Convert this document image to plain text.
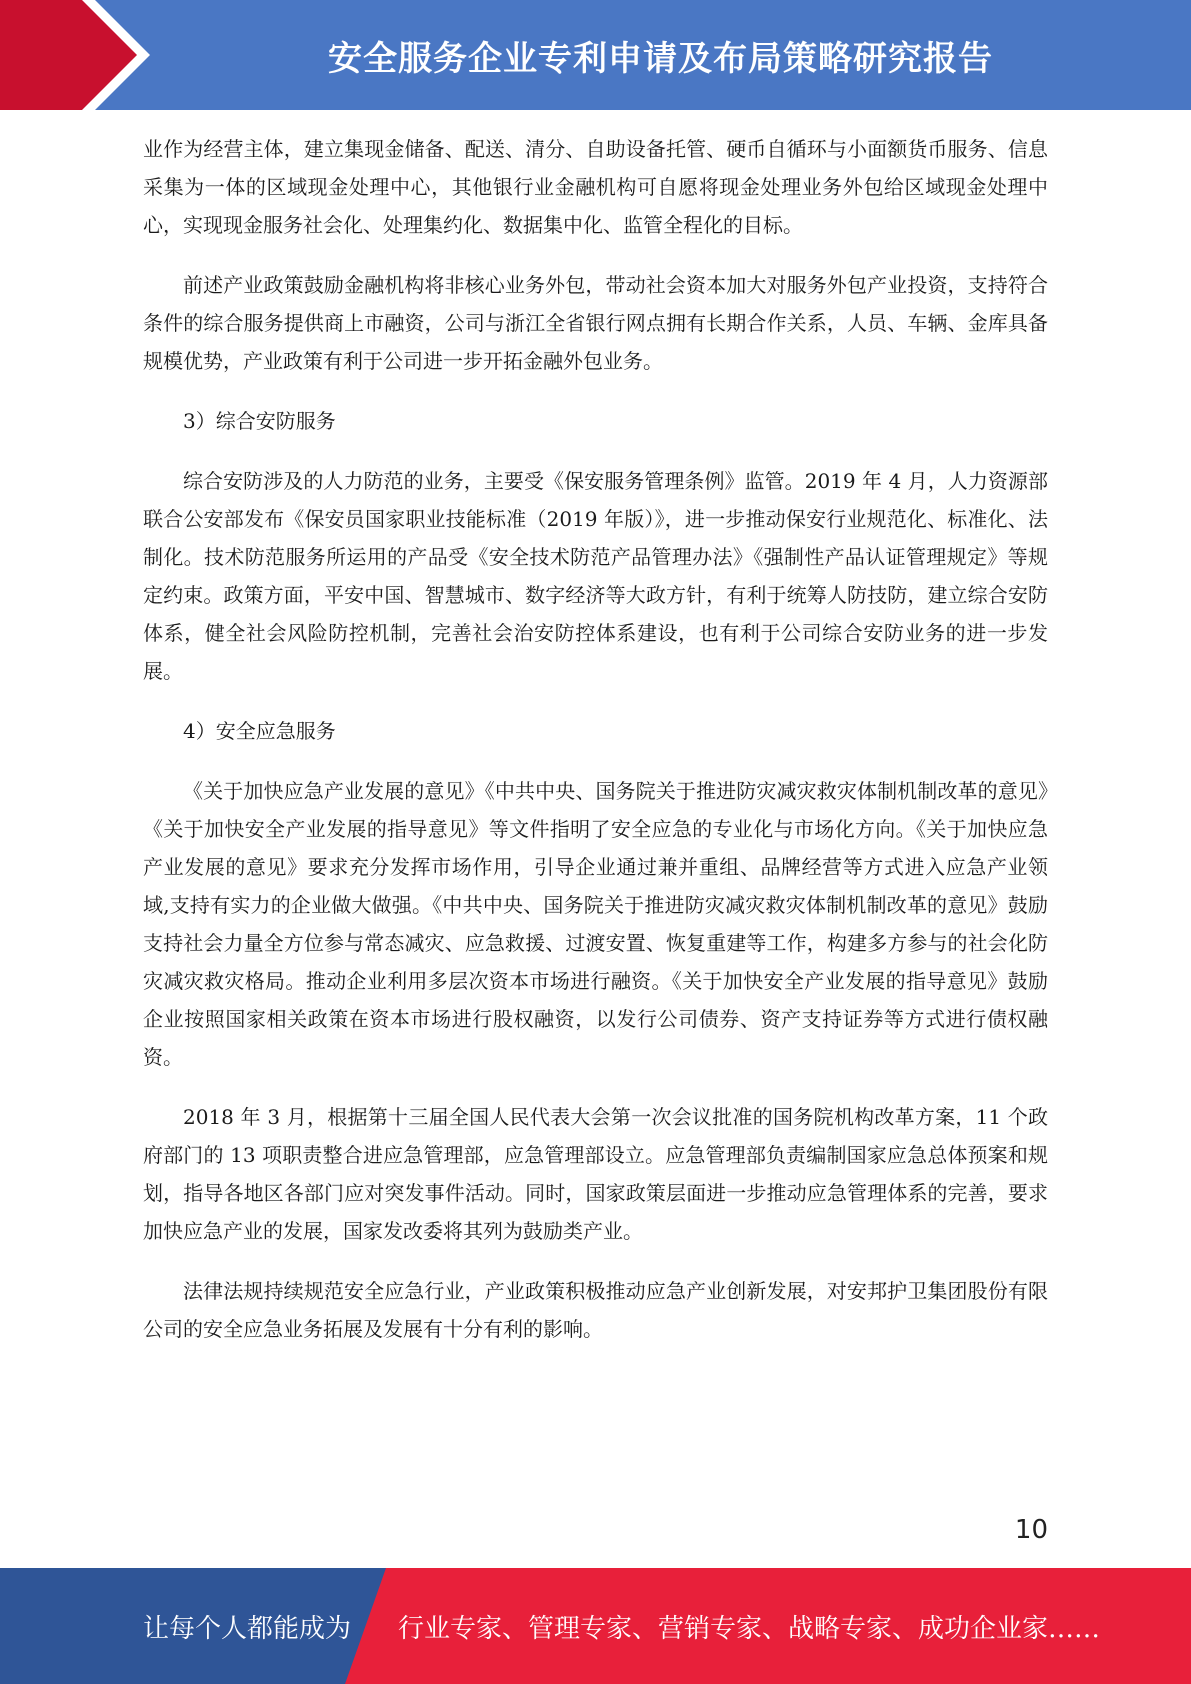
安全服务企业专利申请及布局策略研究报告

业作为经营主体，建立集现金储备、配送、清分、自助设备托管、硬币自循环与小面额货币服务、信息采集为一体的区域现金处理中心，其他银行业金融机构可自愿将现金处理业务外包给区域现金处理中心，实现现金服务社会化、处理集约化、数据集中化、监管全程化的目标。

前述产业政策鼓励金融机构将非核心业务外包，带动社会资本加大对服务外包产业投资，支持符合条件的综合服务提供商上市融资，公司与浙江全省银行网点拥有长期合作关系，人员、车辆、金库具备规模优势，产业政策有利于公司进一步开拓金融外包业务。

3）综合安防服务

综合安防涉及的人力防范的业务，主要受《保安服务管理条例》监管。2019 年 4 月，人力资源部联合公安部发布《保安员国家职业技能标准（2019 年版）》，进一步推动保安行业规范化、标准化、法制化。技术防范服务所运用的产品受《安全技术防范产品管理办法》《强制性产品认证管理规定》等规定约束。政策方面，平安中国、智慧城市、数字经济等大政方针，有利于统筹人防技防，建立综合安防体系，健全社会风险防控机制，完善社会治安防控体系建设，也有利于公司综合安防业务的进一步发展。

4）安全应急服务

《关于加快应急产业发展的意见》《中共中央、国务院关于推进防灾减灾救灾体制机制改革的意见》《关于加快安全产业发展的指导意见》等文件指明了安全应急的专业化与市场化方向。《关于加快应急产业发展的意见》要求充分发挥市场作用，引导企业通过兼并重组、品牌经营等方式进入应急产业领域,支持有实力的企业做大做强。《中共中央、国务院关于推进防灾减灾救灾体制机制改革的意见》鼓励支持社会力量全方位参与常态减灾、应急救援、过渡安置、恢复重建等工作，构建多方参与的社会化防灾减灾救灾格局。推动企业利用多层次资本市场进行融资。《关于加快安全产业发展的指导意见》鼓励企业按照国家相关政策在资本市场进行股权融资，以发行公司债券、资产支持证券等方式进行债权融资。

2018 年 3 月，根据第十三届全国人民代表大会第一次会议批准的国务院机构改革方案，11 个政府部门的 13 项职责整合进应急管理部，应急管理部设立。应急管理部负责编制国家应急总体预案和规划，指导各地区各部门应对突发事件活动。同时，国家政策层面进一步推动应急管理体系的完善，要求加快应急产业的发展，国家发改委将其列为鼓励类产业。

法律法规持续规范安全应急行业，产业政策积极推动应急产业创新发展，对安邦护卫集团股份有限公司的安全应急业务拓展及发展有十分有利的影响。

10
让每个人都能成为 行业专家、管理专家、营销专家、战略专家、成功企业家……
